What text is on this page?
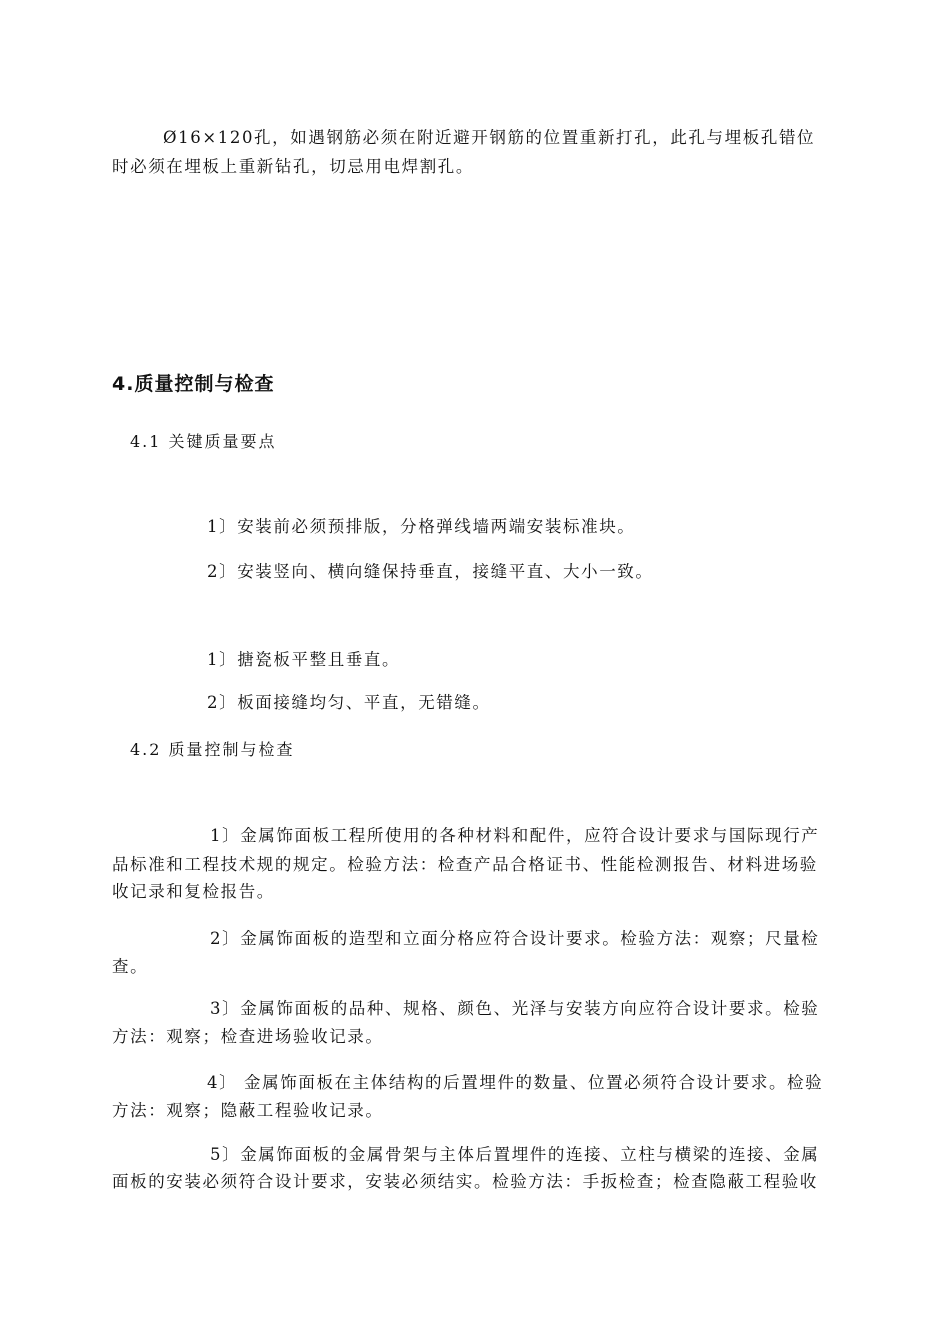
Ø16×120孔，如遇钢筋必须在附近避开钢筋的位置重新打孔，此孔与埋板孔错位
时必须在埋板上重新钻孔，切忌用电焊割孔。
4.质量控制与检查
4.1 关键质量要点
1〕安装前必须预排版，分格弹线墙两端安装标准块。
2〕安装竖向、横向缝保持垂直，接缝平直、大小一致。
1〕搪瓷板平整且垂直。
2〕板面接缝均匀、平直，无错缝。
4.2 质量控制与检查
1〕金属饰面板工程所使用的各种材料和配件，应符合设计要求与国际现行产
品标准和工程技术规的规定。检验方法：检查产品合格证书、性能检测报告、材料进场验
收记录和复检报告。
2〕金属饰面板的造型和立面分格应符合设计要求。检验方法：观察；尺量检
查。
3〕金属饰面板的品种、规格、颜色、光泽与安装方向应符合设计要求。检验
方法：观察；检查进场验收记录。
4〕 金属饰面板在主体结构的后置埋件的数量、位置必须符合设计要求。检验
方法：观察；隐蔽工程验收记录。
5〕金属饰面板的金属骨架与主体后置埋件的连接、立柱与横梁的连接、金属
面板的安装必须符合设计要求，安装必须结实。检验方法：手扳检查；检查隐蔽工程验收
